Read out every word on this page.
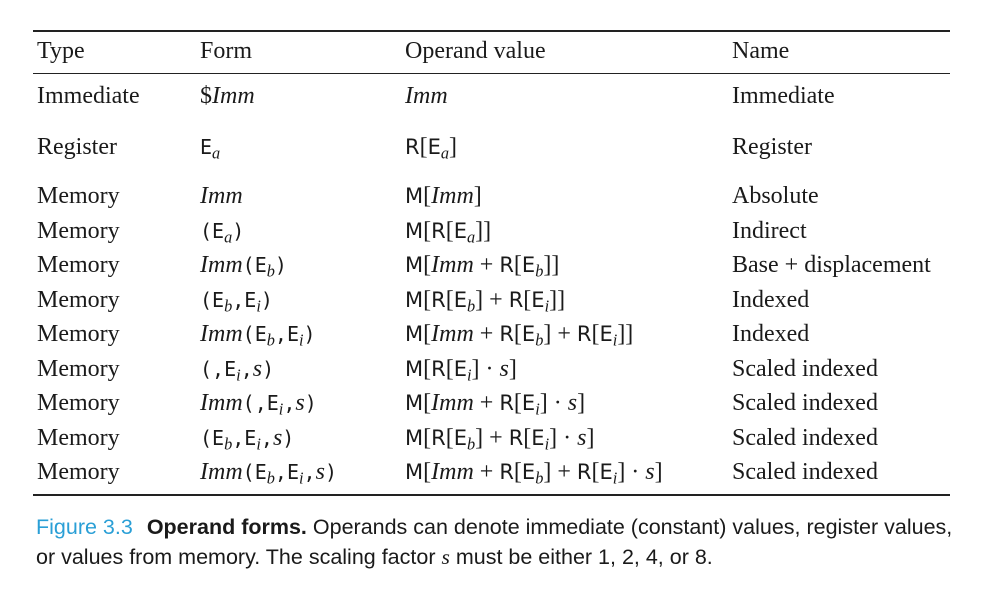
Type	Form	Operand value	Name
Immediate	$Imm	Imm	Immediate
Register	$E_a$	$R[E_a]$	Register
Memory	Imm	M[Imm]	Absolute
Memory	$(E_a)$	$M[R[E_a]]$	Indirect
Memory	$Imm(E_b)$	$M[Imm + R[E_b]]$	Base + displacement
Memory	$(E_b,E_i)$	$M[R[E_b] + R[E_i]]$	Indexed
Memory	$Imm(E_b,E_i)$	$M[Imm + R[E_b] + R[E_i]]$	Indexed
Memory	$(,E_i,s)$	$M[R[E_i] \cdot s]$	Scaled indexed
Memory	$Imm(,E_i,s)$	$M[Imm + R[E_i] \cdot s]$	Scaled indexed
Memory	$(E_b,E_i,s)$	$M[R[E_b] + R[E_i] \cdot s]$	Scaled indexed
Memory	$Imm(E_b,E_i,s)$	$M[Imm + R[E_b] + R[E_i] \cdot s]$	Scaled indexed
Figure 3.3 Operand forms. Operands can denote immediate (constant) values, register values, or values from memory. The scaling factor s must be either 1, 2, 4, or 8.
